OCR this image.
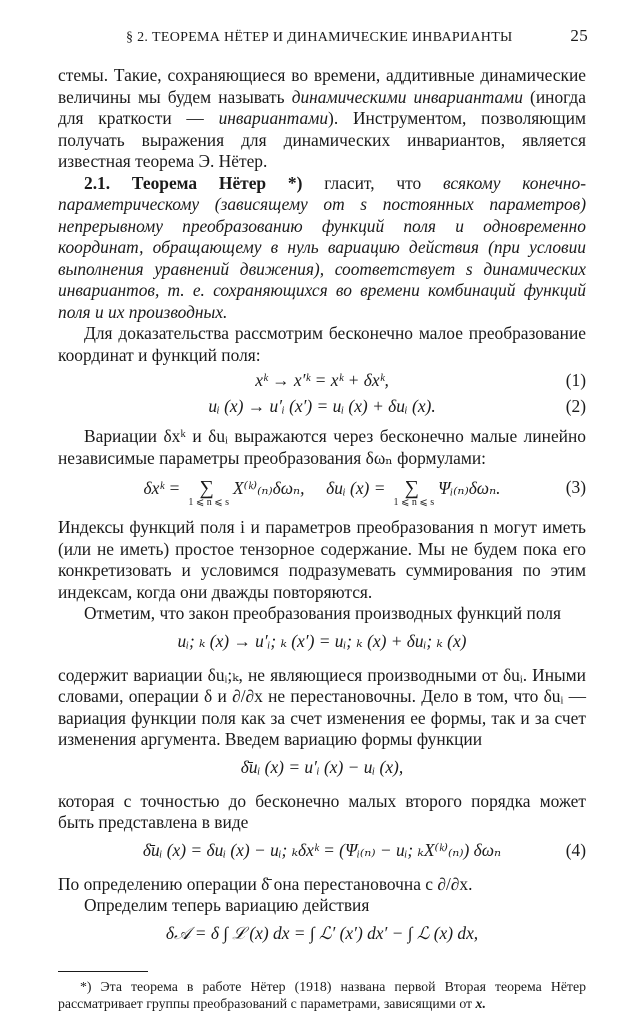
§ 2. ТЕОРЕМА НЁТЕР И ДИНАМИЧЕСКИЕ ИНВАРИАНТЫ	25

стемы. Такие, сохраняющиеся во времени, аддитивные динамические величины мы будем называть динамическими инвариантами (иногда для краткости — инвариантами). Инструментом, позволяющим получать выражения для динамических инвариантов, является известная теорема Э. Нётер.

2.1. Теорема Нётер *) гласит, что всякому конечно-параметрическому (зависящему от s постоянных параметров) непрерывному преобразованию функций поля и одновременно координат, обращающему в нуль вариацию действия (при условии выполнения уравнений движения), соответствует s динамических инвариантов, т. е. сохраняющихся во времени комбинаций функций поля и их производных.

Для доказательства рассмотрим бесконечно малое преобразование координат и функций поля:

xᵏ → x′ᵏ = xᵏ + δxᵏ,	(1)
uᵢ (x) → u′ᵢ (x′) = uᵢ (x) + δuᵢ (x).	(2)

Вариации δxᵏ и δuᵢ выражаются через бесконечно малые линейно независимые параметры преобразования δωₙ формулами:

δxᵏ = ∑
1 ⩽ n ⩽ s
X⁽ᵏ⁾₍ₙ₎δωₙ, δuᵢ (x) = ∑
1 ⩽ n ⩽ s
Ψᵢ₍ₙ₎δωₙ.	(3)

Индексы функций поля i и параметров преобразования n могут иметь (или не иметь) простое тензорное содержание. Мы не будем пока его конкретизовать и условимся подразумевать суммирования по этим индексам, когда они дважды повторяются.

Отметим, что закон преобразования производных функций поля

uᵢ; ₖ (x) → u′ᵢ; ₖ (x′) = uᵢ; ₖ (x) + δuᵢ; ₖ (x)

содержит вариации δuᵢ;ₖ, не являющиеся производными от δuᵢ. Иными словами, операции δ и ∂/∂x не перестановочны. Дело в том, что δuᵢ — вариация функции поля как за счет изменения ее формы, так и за счет изменения аргумента. Введем вариацию формы функции

δ̄uᵢ (x) = u′ᵢ (x) − uᵢ (x),

которая с точностью до бесконечно малых второго порядка может быть представлена в виде

δ̄uᵢ (x) = δuᵢ (x) − uᵢ; ₖδxᵏ = (Ψᵢ₍ₙ₎ − uᵢ; ₖX⁽ᵏ⁾₍ₙ₎) δωₙ	(4)

По определению операции δ̄ она перестановочна с ∂/∂x.

Определим теперь вариацию действия

δ𝒜 = δ ∫ ℒ (x) dx = ∫ ℒ′ (x′) dx′ − ∫ ℒ (x) dx,

*) Эта теорема в работе Нётер (1918) названа первой Вторая теорема Нётер рассматривает группы преобразований с параметрами, зависящими от x.
